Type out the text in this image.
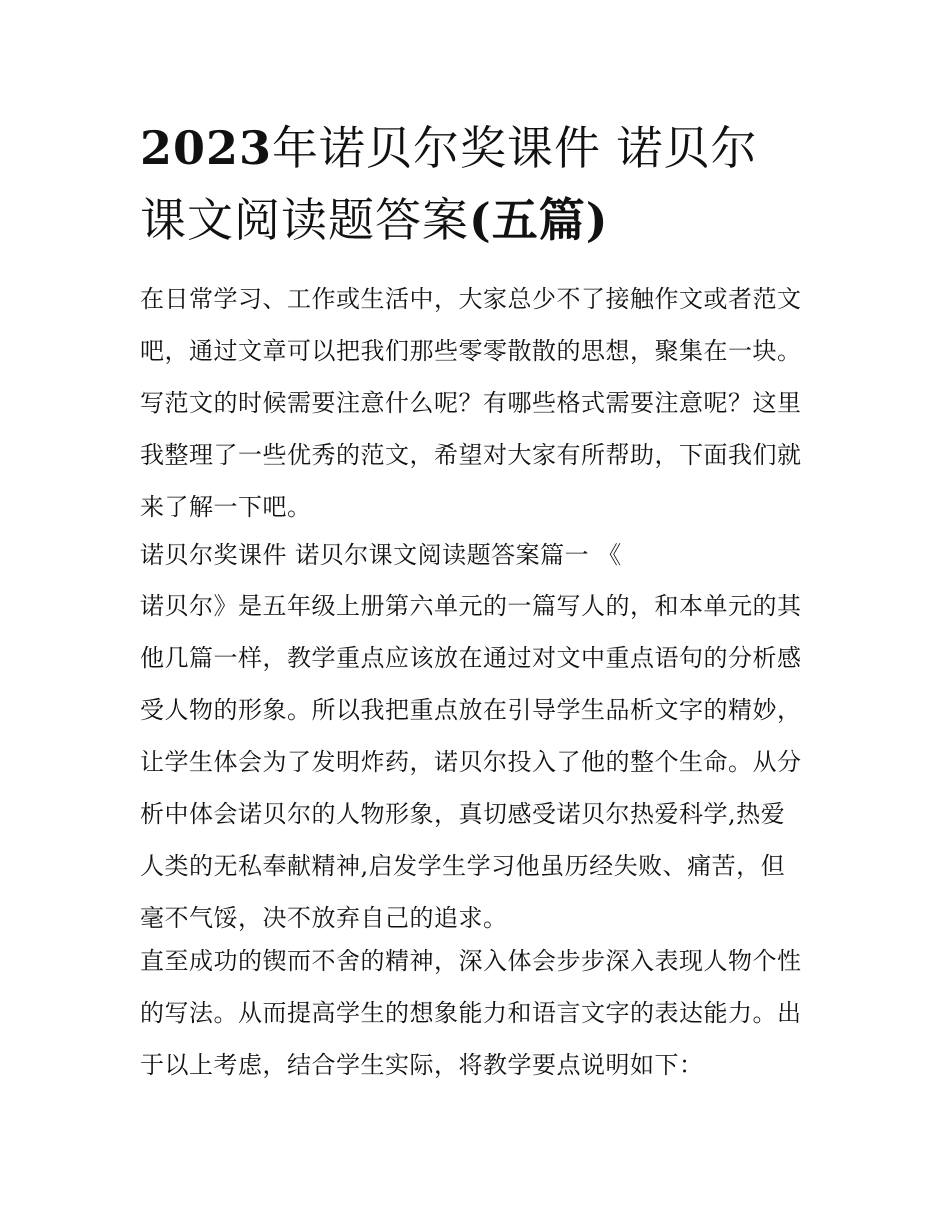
2023年诺贝尔奖课件 诺贝尔
课文阅读题答案(五篇)

在日常学习、工作或生活中，大家总少不了接触作文或者范文
吧，通过文章可以把我们那些零零散散的思想，聚集在一块。
写范文的时候需要注意什么呢？有哪些格式需要注意呢？这里
我整理了一些优秀的范文，希望对大家有所帮助，下面我们就
来了解一下吧。

诺贝尔奖课件 诺贝尔课文阅读题答案篇一 《

诺贝尔》是五年级上册第六单元的一篇写人的，和本单元的其
他几篇一样，教学重点应该放在通过对文中重点语句的分析感
受人物的形象。所以我把重点放在引导学生品析文字的精妙，
让学生体会为了发明炸药，诺贝尔投入了他的整个生命。从分
析中体会诺贝尔的人物形象，真切感受诺贝尔热爱科学,热爱
人类的无私奉献精神,启发学生学习他虽历经失败、痛苦，但
毫不气馁，决不放弃自己的追求。

直至成功的锲而不舍的精神，深入体会步步深入表现人物个性
的写法。从而提高学生的想象能力和语言文字的表达能力。出
于以上考虑，结合学生实际，将教学要点说明如下：
